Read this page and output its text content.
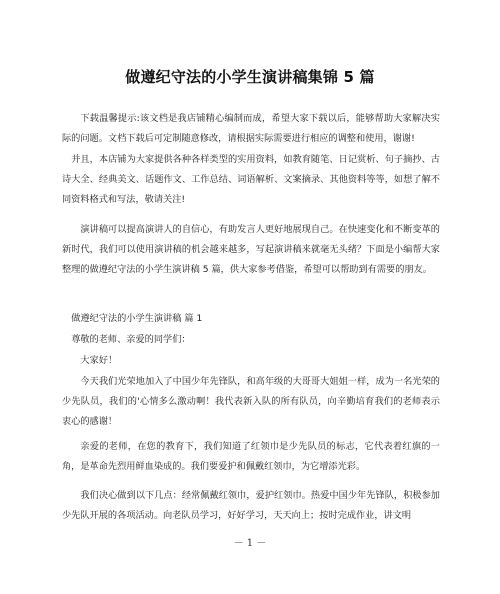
做遵纪守法的小学生演讲稿集锦 5 篇

下载温馨提示:该文档是我店铺精心编制而成，希望大家下载以后，能够帮助大家解决实际的问题。文档下载后可定制随意修改，请根据实际需要进行相应的调整和使用，谢谢!

并且，本店铺为大家提供各种各样类型的实用资料，如教育随笔、日记赏析、句子摘抄、古诗大全、经典美文、话题作文、工作总结、词语解析、文案摘录、其他资料等等，如想了解不同资料格式和写法，敬请关注!

演讲稿可以提高演讲人的自信心，有助发言人更好地展现自己。在快速变化和不断变革的新时代，我们可以使用演讲稿的机会越来越多，写起演讲稿来就毫无头绪？下面是小编帮大家整理的做遵纪守法的小学生演讲稿 5 篇，供大家参考借鉴，希望可以帮助到有需要的朋友。

做遵纪守法的小学生演讲稿 篇 1

尊敬的老师、亲爱的同学们：

大家好！

今天我们光荣地加入了中国少年先锋队，和高年级的大哥哥大姐姐一样，成为一名光荣的少先队员，我们的'心情多么激动啊！我代表新入队的所有队员，向辛勤培育我们的老师表示衷心的感谢！

亲爱的老师，在您的教育下，我们知道了红领巾是少先队员的标志，它代表着红旗的一角，是革命先烈用鲜血染成的。我们要爱护和佩戴红领巾，为它增添光彩。

我们决心做到以下几点：经常佩戴红领巾，爱护红领巾。热爱中国少年先锋队，积极参加少先队开展的各项活动。向老队员学习，好好学习，天天向上；按时完成作业，讲文明

－ 1 －
